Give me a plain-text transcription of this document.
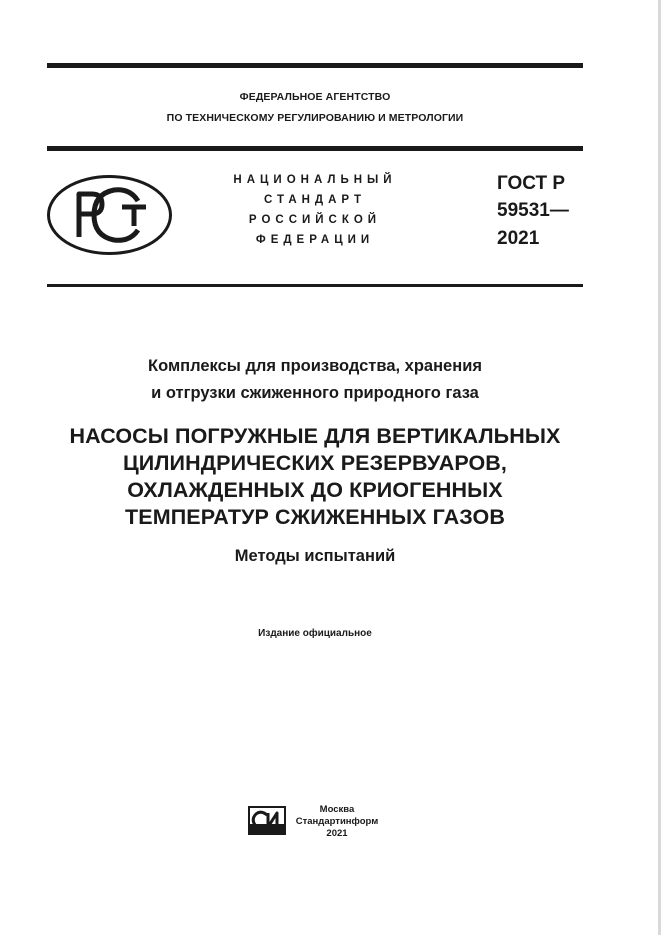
ФЕДЕРАЛЬНОЕ АГЕНТСТВО
ПО ТЕХНИЧЕСКОМУ РЕГУЛИРОВАНИЮ И МЕТРОЛОГИИ
НАЦИОНАЛЬНЫЙ
СТАНДАРТ
РОССИЙСКОЙ
ФЕДЕРАЦИИ
ГОСТ Р
59531—
2021
Комплексы для производства, хранения
и отгрузки сжиженного природного газа
НАСОСЫ ПОГРУЖНЫЕ ДЛЯ ВЕРТИКАЛЬНЫХ
ЦИЛИНДРИЧЕСКИХ РЕЗЕРВУАРОВ,
ОХЛАЖДЕННЫХ ДО КРИОГЕННЫХ
ТЕМПЕРАТУР СЖИЖЕННЫХ ГАЗОВ
Методы испытаний
Издание официальное
Москва
Стандартинформ
2021
